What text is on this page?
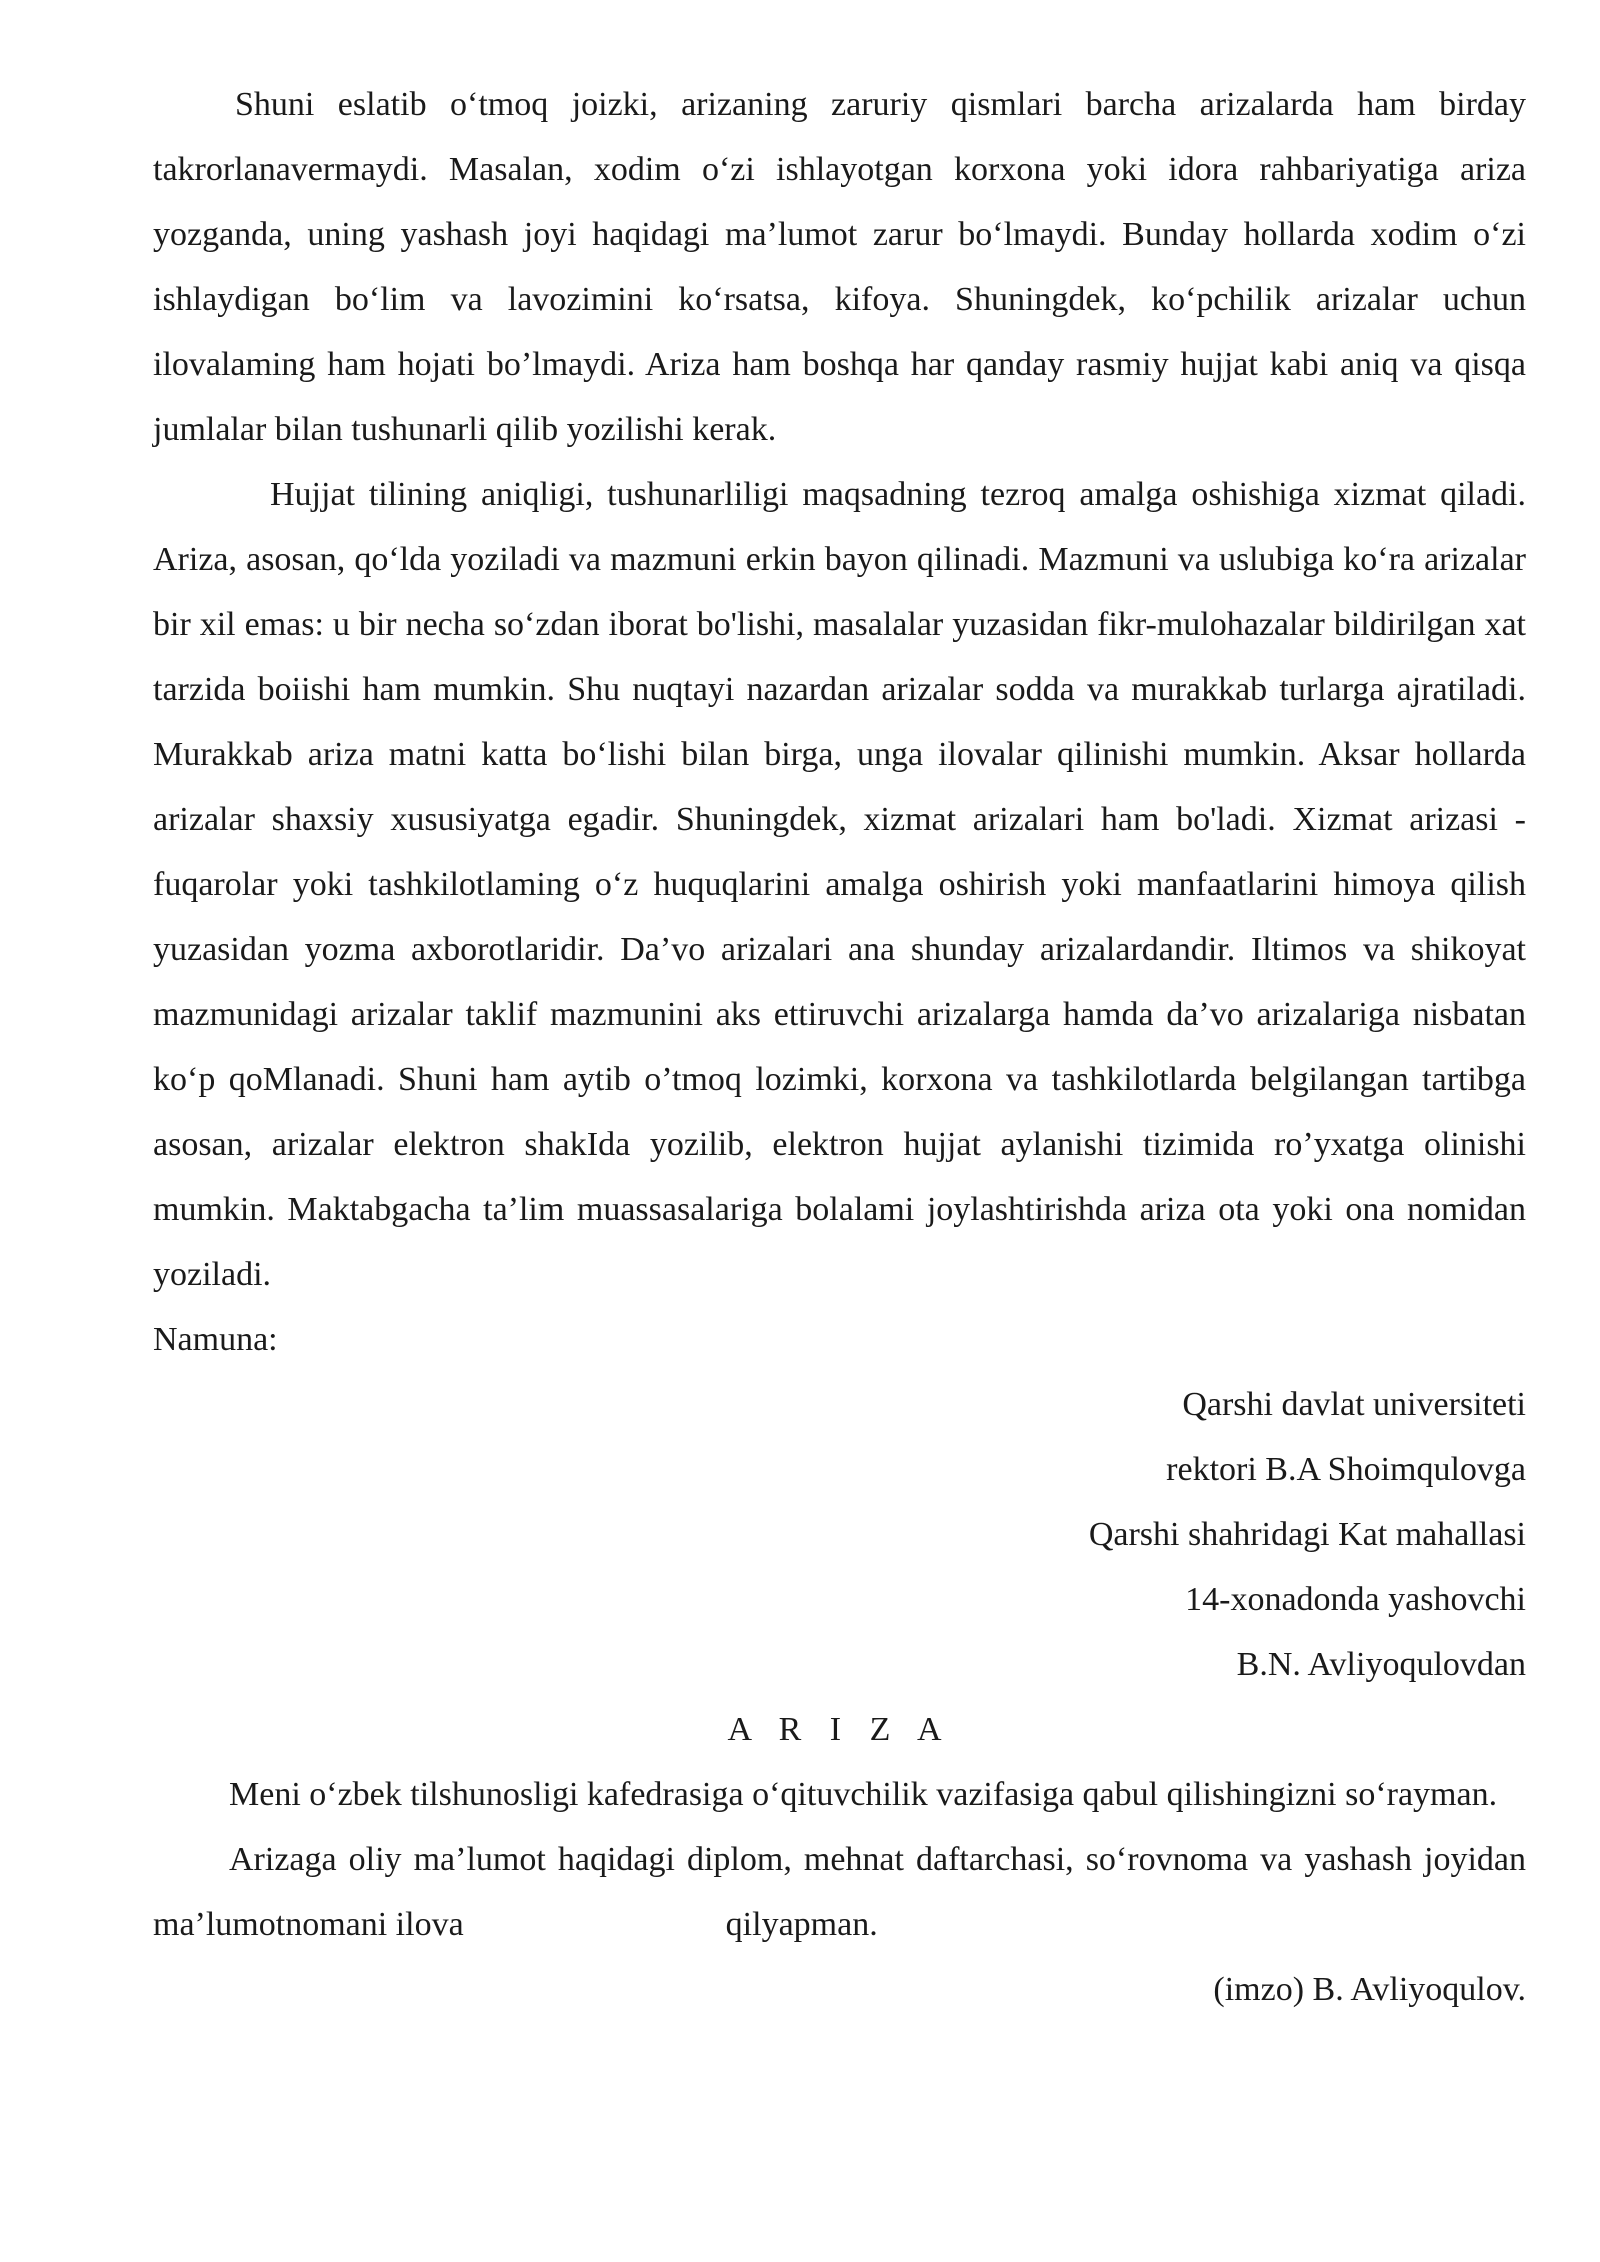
Shuni eslatib o‘tmoq joizki, arizaning zaruriy qismlari barcha arizalarda ham birday takrorlanavermaydi. Masalan, xodim o‘zi ishlayotgan korxona yoki idora rahbariyatiga ariza yozganda, uning yashash joyi haqidagi ma’lumot zarur bo‘lmaydi. Bunday hollarda xodim o‘zi ishlaydigan bo‘lim va lavozimini ko‘rsatsa, kifoya. Shuningdek, ko‘pchilik arizalar uchun ilovalaming ham hojati bo’lmaydi. Ariza ham boshqa har qanday rasmiy hujjat kabi aniq va qisqa jumlalar bilan tushunarli qilib yozilishi kerak.

Hujjat tilining aniqligi, tushunarliligi maqsadning tezroq amalga oshishiga xizmat qiladi. Ariza, asosan, qo‘lda yoziladi va mazmuni erkin bayon qilinadi. Mazmuni va uslubiga ko‘ra arizalar bir xil emas: u bir necha so‘zdan iborat bo'lishi, masalalar yuzasidan fikr-mulohazalar bildirilgan xat tarzida boiishi ham mumkin. Shu nuqtayi nazardan arizalar sodda va murakkab turlarga ajratiladi. Murakkab ariza matni katta bo‘lishi bilan birga, unga ilovalar qilinishi mumkin. Aksar hollarda arizalar shaxsiy xususiyatga egadir. Shuningdek, xizmat arizalari ham bo'ladi. Xizmat arizasi - fuqarolar yoki tashkilotlaming o‘z huquqlarini amalga oshirish yoki manfaatlarini himoya qilish yuzasidan yozma axborotlaridir. Da’vo arizalari ana shunday arizalardandir. Iltimos va shikoyat mazmunidagi arizalar taklif mazmunini aks ettiruvchi arizalarga hamda da’vo arizalariga nisbatan ko‘p qoMlanadi. Shuni ham aytib o’tmoq lozimki, korxona va tashkilotlarda belgilangan tartibga asosan, arizalar elektron shakIda yozilib, elektron hujjat aylanishi tizimida ro’yxatga olinishi mumkin. Maktabgacha ta’lim muassasalariga bolalami joylashtirishda ariza ota yoki ona nomidan yoziladi.

Namuna:

Qarshi davlat universiteti
rektori B.A Shoimqulovga
Qarshi shahridagi Kat mahallasi
14-xonadonda yashovchi
B.N. Avliyoqulovdan

A R I Z A

Meni o‘zbek tilshunosligi kafedrasiga o‘qituvchilik vazifasiga qabul qilishingizni so‘rayman.

Arizaga oliy ma’lumot haqidagi diplom, mehnat daftarchasi, so‘rovnoma va yashash joyidan ma’lumotnomani ilova	qilyapman.

(imzo) B. Avliyoqulov.
